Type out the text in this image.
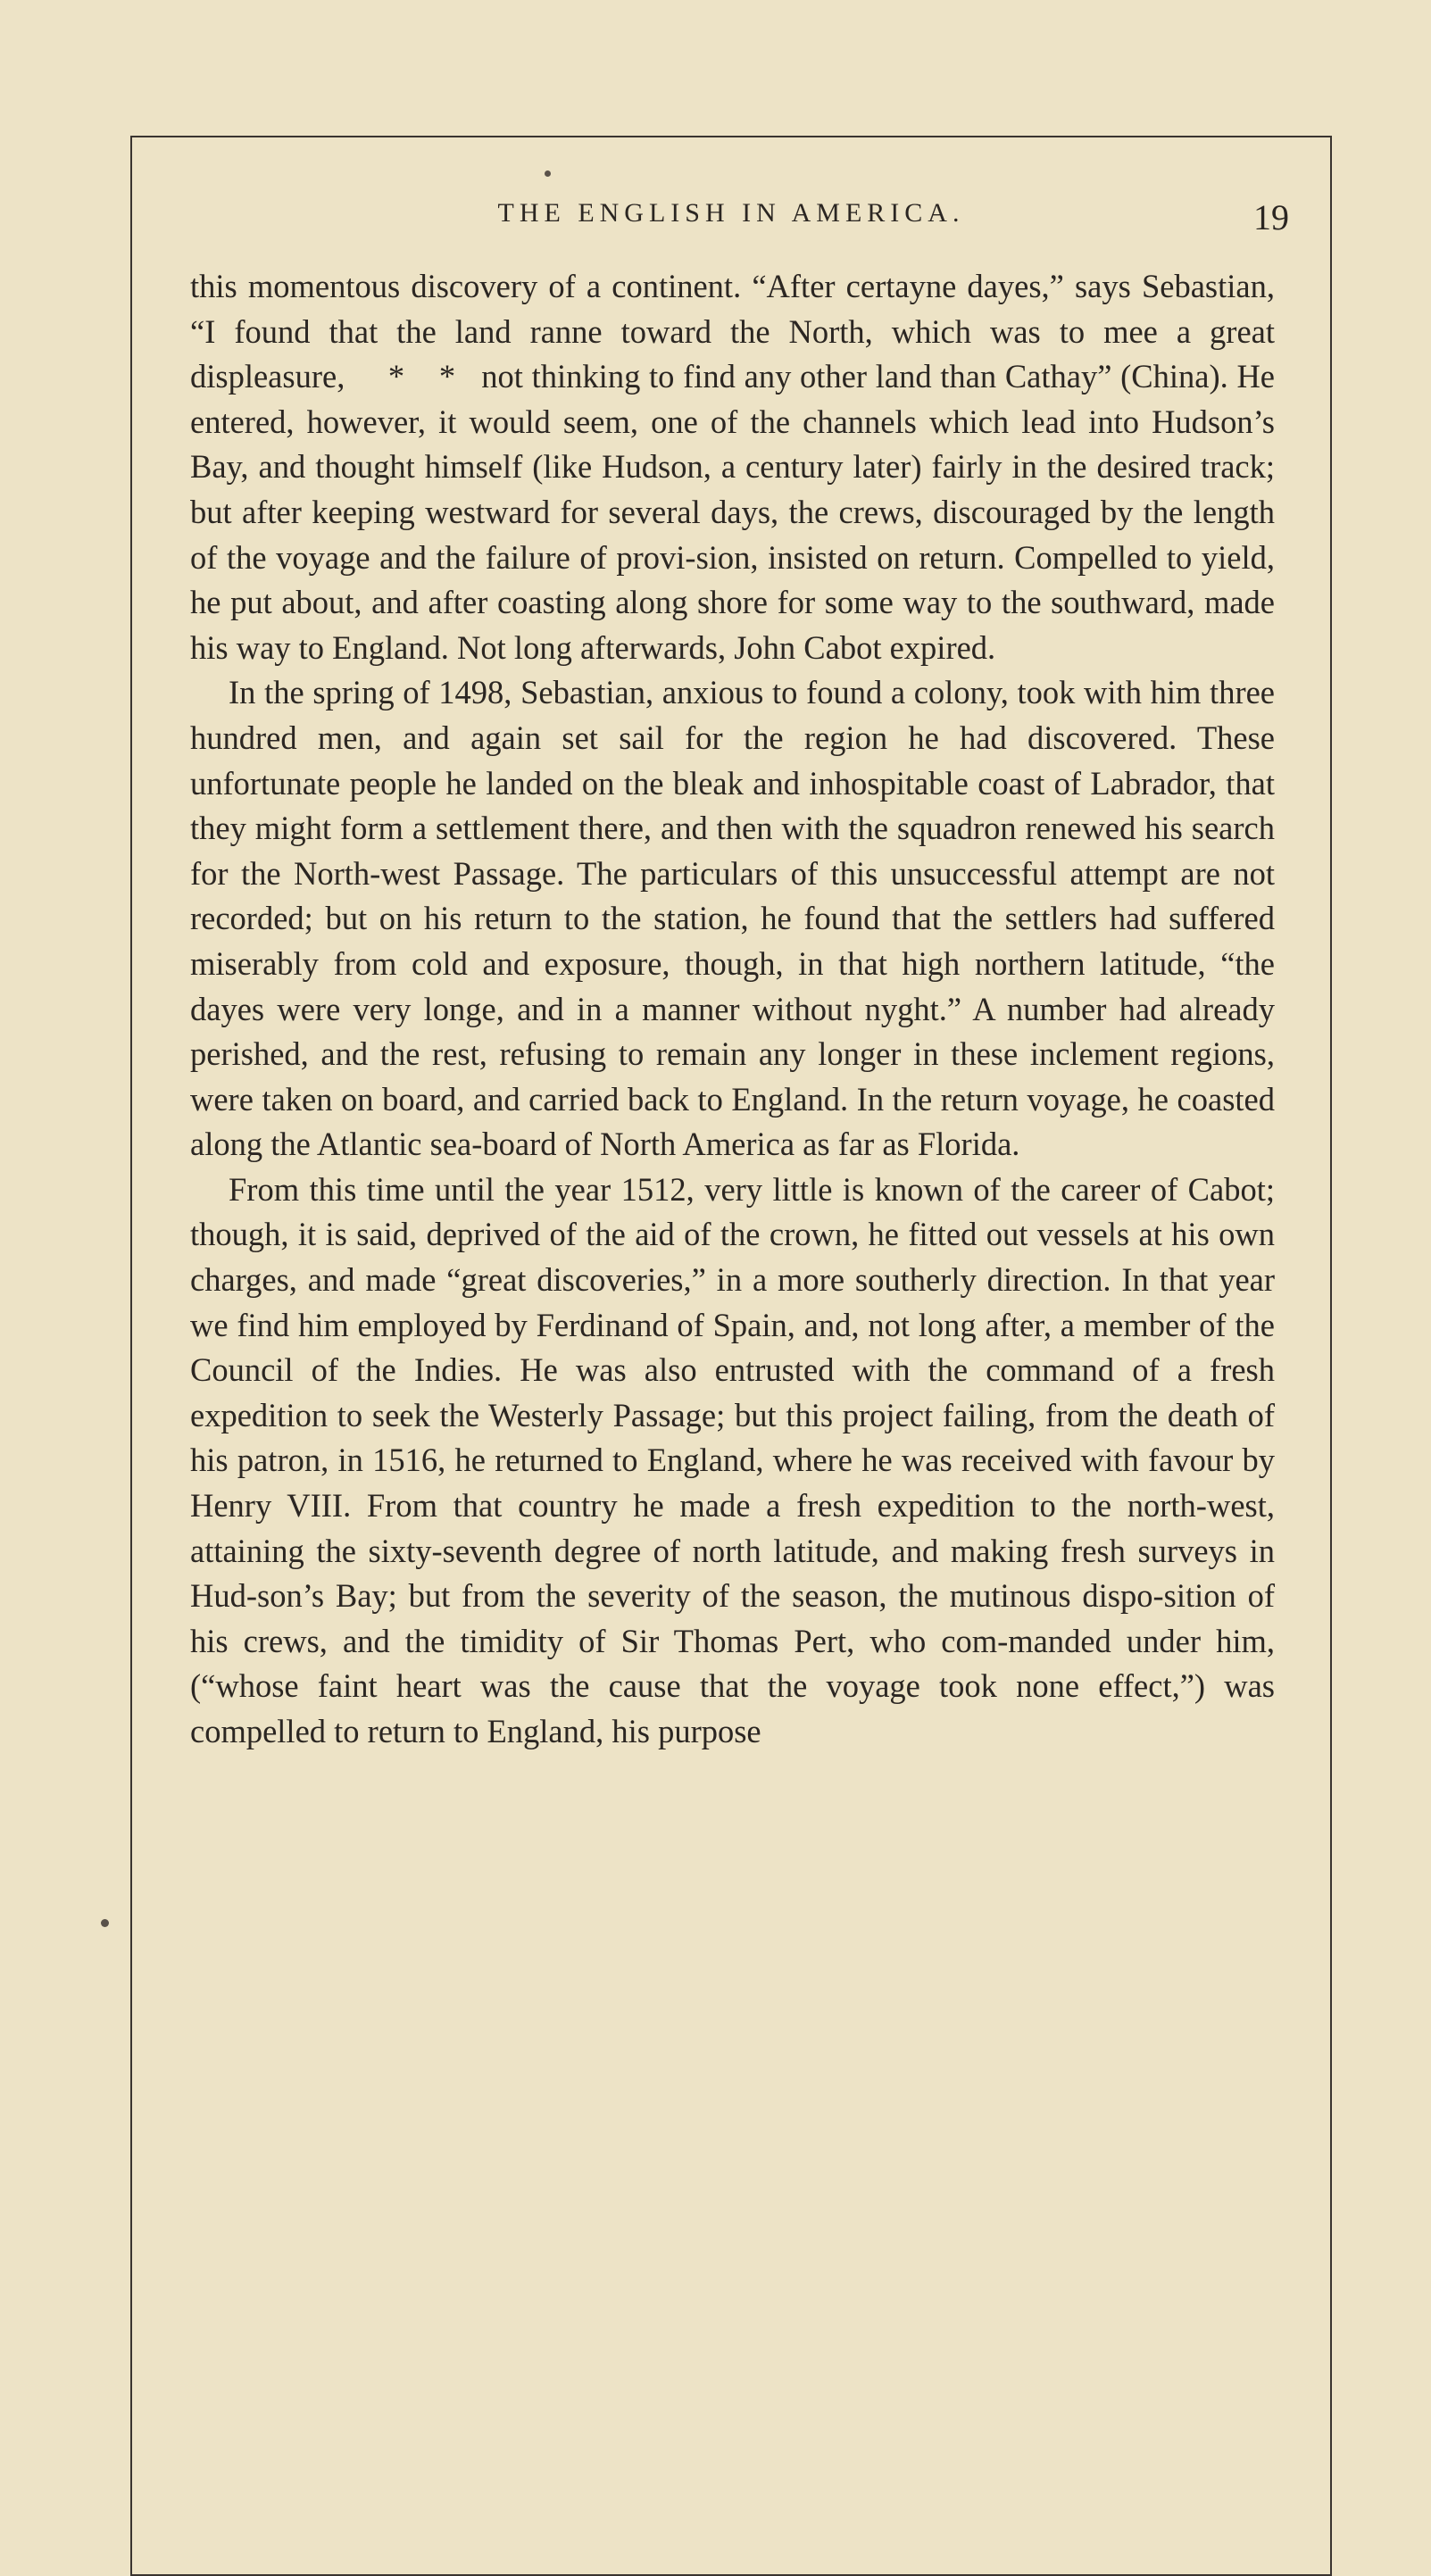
THE ENGLISH IN AMERICA.	19

this momentous discovery of a continent. “After certayne dayes,” says Sebastian, “I found that the land ranne toward the North, which was to mee a great displeasure,     *    *   not thinking to find any other land than Cathay” (China). He entered, however, it would seem, one of the channels which lead into Hudson’s Bay, and thought himself (like Hudson, a century later) fairly in the desired track; but after keeping westward for several days, the crews, discouraged by the length of the voyage and the failure of provi-sion, insisted on return. Compelled to yield, he put about, and after coasting along shore for some way to the southward, made his way to England. Not long afterwards, John Cabot expired.

In the spring of 1498, Sebastian, anxious to found a colony, took with him three hundred men, and again set sail for the region he had discovered. These unfortunate people he landed on the bleak and inhospitable coast of Labrador, that they might form a settlement there, and then with the squadron renewed his search for the North-west Passage. The particulars of this unsuccessful attempt are not recorded; but on his return to the station, he found that the settlers had suffered miserably from cold and exposure, though, in that high northern latitude, “the dayes were very longe, and in a manner without nyght.” A number had already perished, and the rest, refusing to remain any longer in these inclement regions, were taken on board, and carried back to England. In the return voyage, he coasted along the Atlantic sea-board of North America as far as Florida.

From this time until the year 1512, very little is known of the career of Cabot; though, it is said, deprived of the aid of the crown, he fitted out vessels at his own charges, and made “great discoveries,” in a more southerly direction. In that year we find him employed by Ferdinand of Spain, and, not long after, a member of the Council of the Indies. He was also entrusted with the command of a fresh expedition to seek the Westerly Passage; but this project failing, from the death of his patron, in 1516, he returned to England, where he was received with favour by Henry VIII. From that country he made a fresh expedition to the north-west, attaining the sixty-seventh degree of north latitude, and making fresh surveys in Hud-son’s Bay; but from the severity of the season, the mutinous dispo-sition of his crews, and the timidity of Sir Thomas Pert, who com-manded under him, (“whose faint heart was the cause that the voyage took none effect,”) was compelled to return to England, his purpose
